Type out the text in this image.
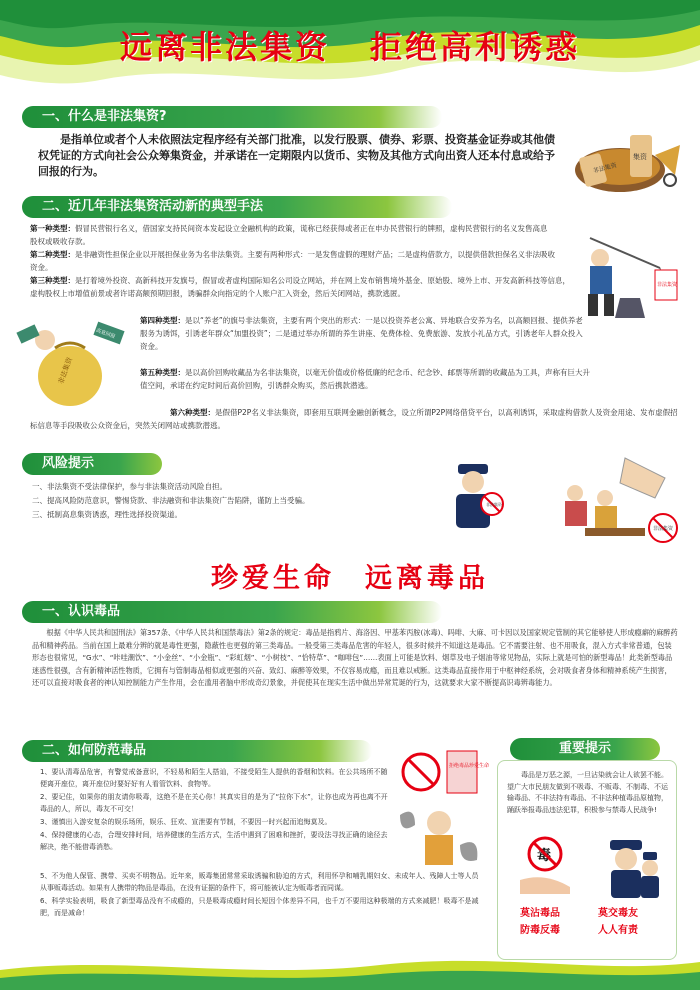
远离非法集资 拒绝高利诱惑
一、什么是非法集资?
是指单位或者个人未依照法定程序经有关部门批准，以发行股票、债券、彩票、投资基金证券或其他债权凭证的方式向社会公众筹集资金，并承诺在一定期限内以货币、实物及其他方式向出资人还本付息或给予回报的行为。	非法集资
集资
二、近几年非法集资活动新的典型手法

第一种类型：假冒民营银行名义，借国家支持民间资本发起设立金融机构的政策，谎称已经获得或者正在申办民营银行的牌照，虚构民营银行的名义发售高息股权或吸收存款。

第二种类型：是非融资性担保企业以开展担保业务为名非法集资。主要有两种形式：一是发售虚假的理财产品；二是虚构借款方，以提供借款担保名义非法吸收资金。

第三种类型：是打着境外投资、高新科技开发旗号，假冒或者虚构国际知名公司设立网站，并在网上发布销售境外基金、原始股、境外上市、开发高新科技等信息，虚构股权上市增值前景或者许诺高额预期回报，诱骗群众向指定的个人账户汇入资金，然后关闭网站，携款逃匿。

第四种类型：是以“养老”的旗号非法集资，主要有两个突出的形式：一是以投资养老公寓、异地联合安养为名，以高额回报、提供养老服务为诱饵，引诱老年群众“加盟投资”；二是通过举办所谓的养生讲座、免费体检、免费旅游、发放小礼品方式，引诱老年人群众投入资金。

第五种类型：是以高价回购收藏品为名非法集资，以毫无价值或价格低廉的纪念币、纪念钞、邮票等所谓的收藏品为工具，声称有巨大升值空间，承诺在约定时间后高价回购，引诱群众购买，然后携款潜逃。

第六种类型：是假借P2P名义非法集资，即套用互联网金融创新概念，设立所谓P2P网络借贷平台，以高利诱饵，采取虚构借款人及资金用途、发布虚假招标信息等手段吸收公众资金后，突然关闭网站或携款潜逃。

非法集资
高息回报
非法集资
风险提示

一、非法集资不受法律保护，参与非法集资活动风险自担。

二、提高风险防范意识，警惕贷款、非法融资和非法集资广告陷阱，谨防上当受骗。

三、抵制高息集资诱惑，理性选择投资渠道。

非法集资
非法集资
珍爱生命 远离毒品
一、认识毒品
根据《中华人民共和国刑法》第357条、《中华人民共和国禁毒法》第2条的规定：毒品是指鸦片、海洛因、甲基苯丙胺(冰毒)、吗啡、大麻、可卡因以及国家规定管制的其它能够使人形成瘾癖的麻醉药品和精神药品。当前在国上最难分辨的就是毒性更强，隐蔽性也更强的第三类毒品。一般受第三类毒品危害的年轻人，很多时候并不知道这是毒品。它不需要注射、也不用吸食，混入方式非常普通，包装形态也很常见，“G水”、“咔哇潮饮”、“小金丝”、“小金瓶”、“彩虹烟”、“小树枝”、“恰特草”、“咖啡包”……表面上可能是饮料、烟草及电子烟油等常见物品，实际上就是可怕的新型毒品！此类新型毒品迷惑性很强，含有新精神活性物质，它拥有与管制毒品相似或更强的兴奋、致幻、麻醉等效果，不仅容易成瘾，而且难以戒断。这类毒品直接作用于中枢神经系统，会对吸食者身体和精神系统产生损害，还可以直接对吸食者的神认知控制能力产生作用，会在滥用者脑中形成奇幻景象，并促使其在现实生活中做出异常荒诞的行为，这就要求大家不断提高识毒辨毒能力。
二、如何防范毒品

1、要认清毒品危害，有警觉戒备意识，不轻易和陌生人搭讪，不接受陌生人提供的香烟和饮料。在公共场所不随便离开座位，离开座位时要好好有人看管饮料、食物等。

2、要记住，如果你的朋友请你吸毒，这绝不是在关心你！其真实目的是为了“拉你下水”，让你也成为再也离不开毒品的人，所以，毒友不可交！

3、谨慎出入游安复杂的娱乐场所，娱乐、狂欢、宣泄要有节制，不要因一时兴起而追悔莫及。

4、保持健康的心态，合理安排时间，培养健康的生活方式，生活中遇到了困难和挫折，要设法寻找正确的途径去解决，绝不能借毒消愁。

5、不为他人保管、携带、买卖不明物品。近年来，贩毒集团常常采取诱骗和胁迫的方式，利用怀孕和哺乳期妇女、未成年人、残障人士等人员从事贩毒活动。如果有人携带的物品是毒品，在没有证据的条件下，将可能被认定为贩毒者而同谋。

6、科学实验表明，吸食了新型毒品没有不成瘾的，只是吸毒成瘾时间长短因个体差异不同，也千万不要用这种极端的方式来减肥！吸毒不是减肥，而是减命！

拒绝毒品珍爱生命
重要提示
毒品是万恶之源，一旦沾染就会让人欲罢不能。望广大市民朋友做到不吸毒、不贩毒、不制毒、不运输毒品、不非法持有毒品、不非法种植毒品原植物，踊跃举报毒品违法犯罪，积极参与禁毒人民战争!
毒
莫沾毒品	莫交毒友
防毒反毒	人人有责
